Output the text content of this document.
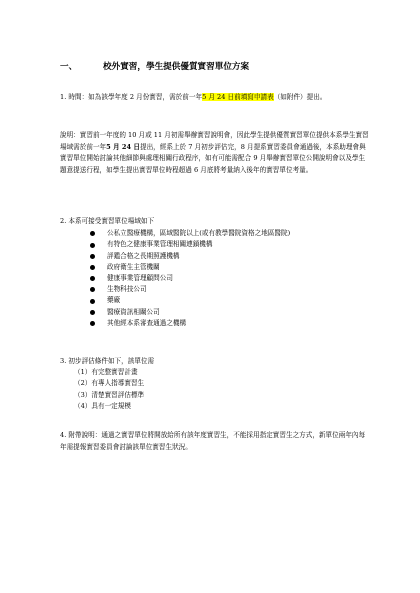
一、	校外實習，學生提供優質實習單位方案
1. 時間：如為該學年度 2 月份實習，需於前一年5 月 24 日前填寫申請表（如附件）提出。
說明：實習前一年度的 10 月或 11 月初需舉辦實習說明會，因此學生提供優質實習單位提供本系學生實習場域需於前一年5 月 24 日提出，經系上於 7 月初步評估完，8 月提系實習委員會通過後，本系助理會與實習單位開始討論其他細節與處理相關行政程序，如有可能需配合 9 月舉辦實習單位公開說明會以及學生題意提送行程，如學生提出實習單位時程超過 6 月底將考量納入後年的實習單位考量。
2. 本系可接受實習單位場域如下
公私立醫療機構，區域醫院以上(或有教學醫院資格之地區醫院)
有特色之健康事業管理相關連鎖機構
評鑑合格之長期照護機構
政府衛生主管機關
健康事業管理顧問公司
生物科技公司
藥廠
醫療資訊相關公司
其他經本系審查通過之機構
3. 初步評估條件如下，該單位需
（1）有完整實習計畫
（2）有專人指導實習生
（3）清楚實習評估標準
（4）具有一定規模
4. 附帶說明：通過之實習單位將開放給所有該年度實習生，不能採用指定實習生之方式，新單位兩年內每年需提報實習委員會討論該單位實習生狀況。
